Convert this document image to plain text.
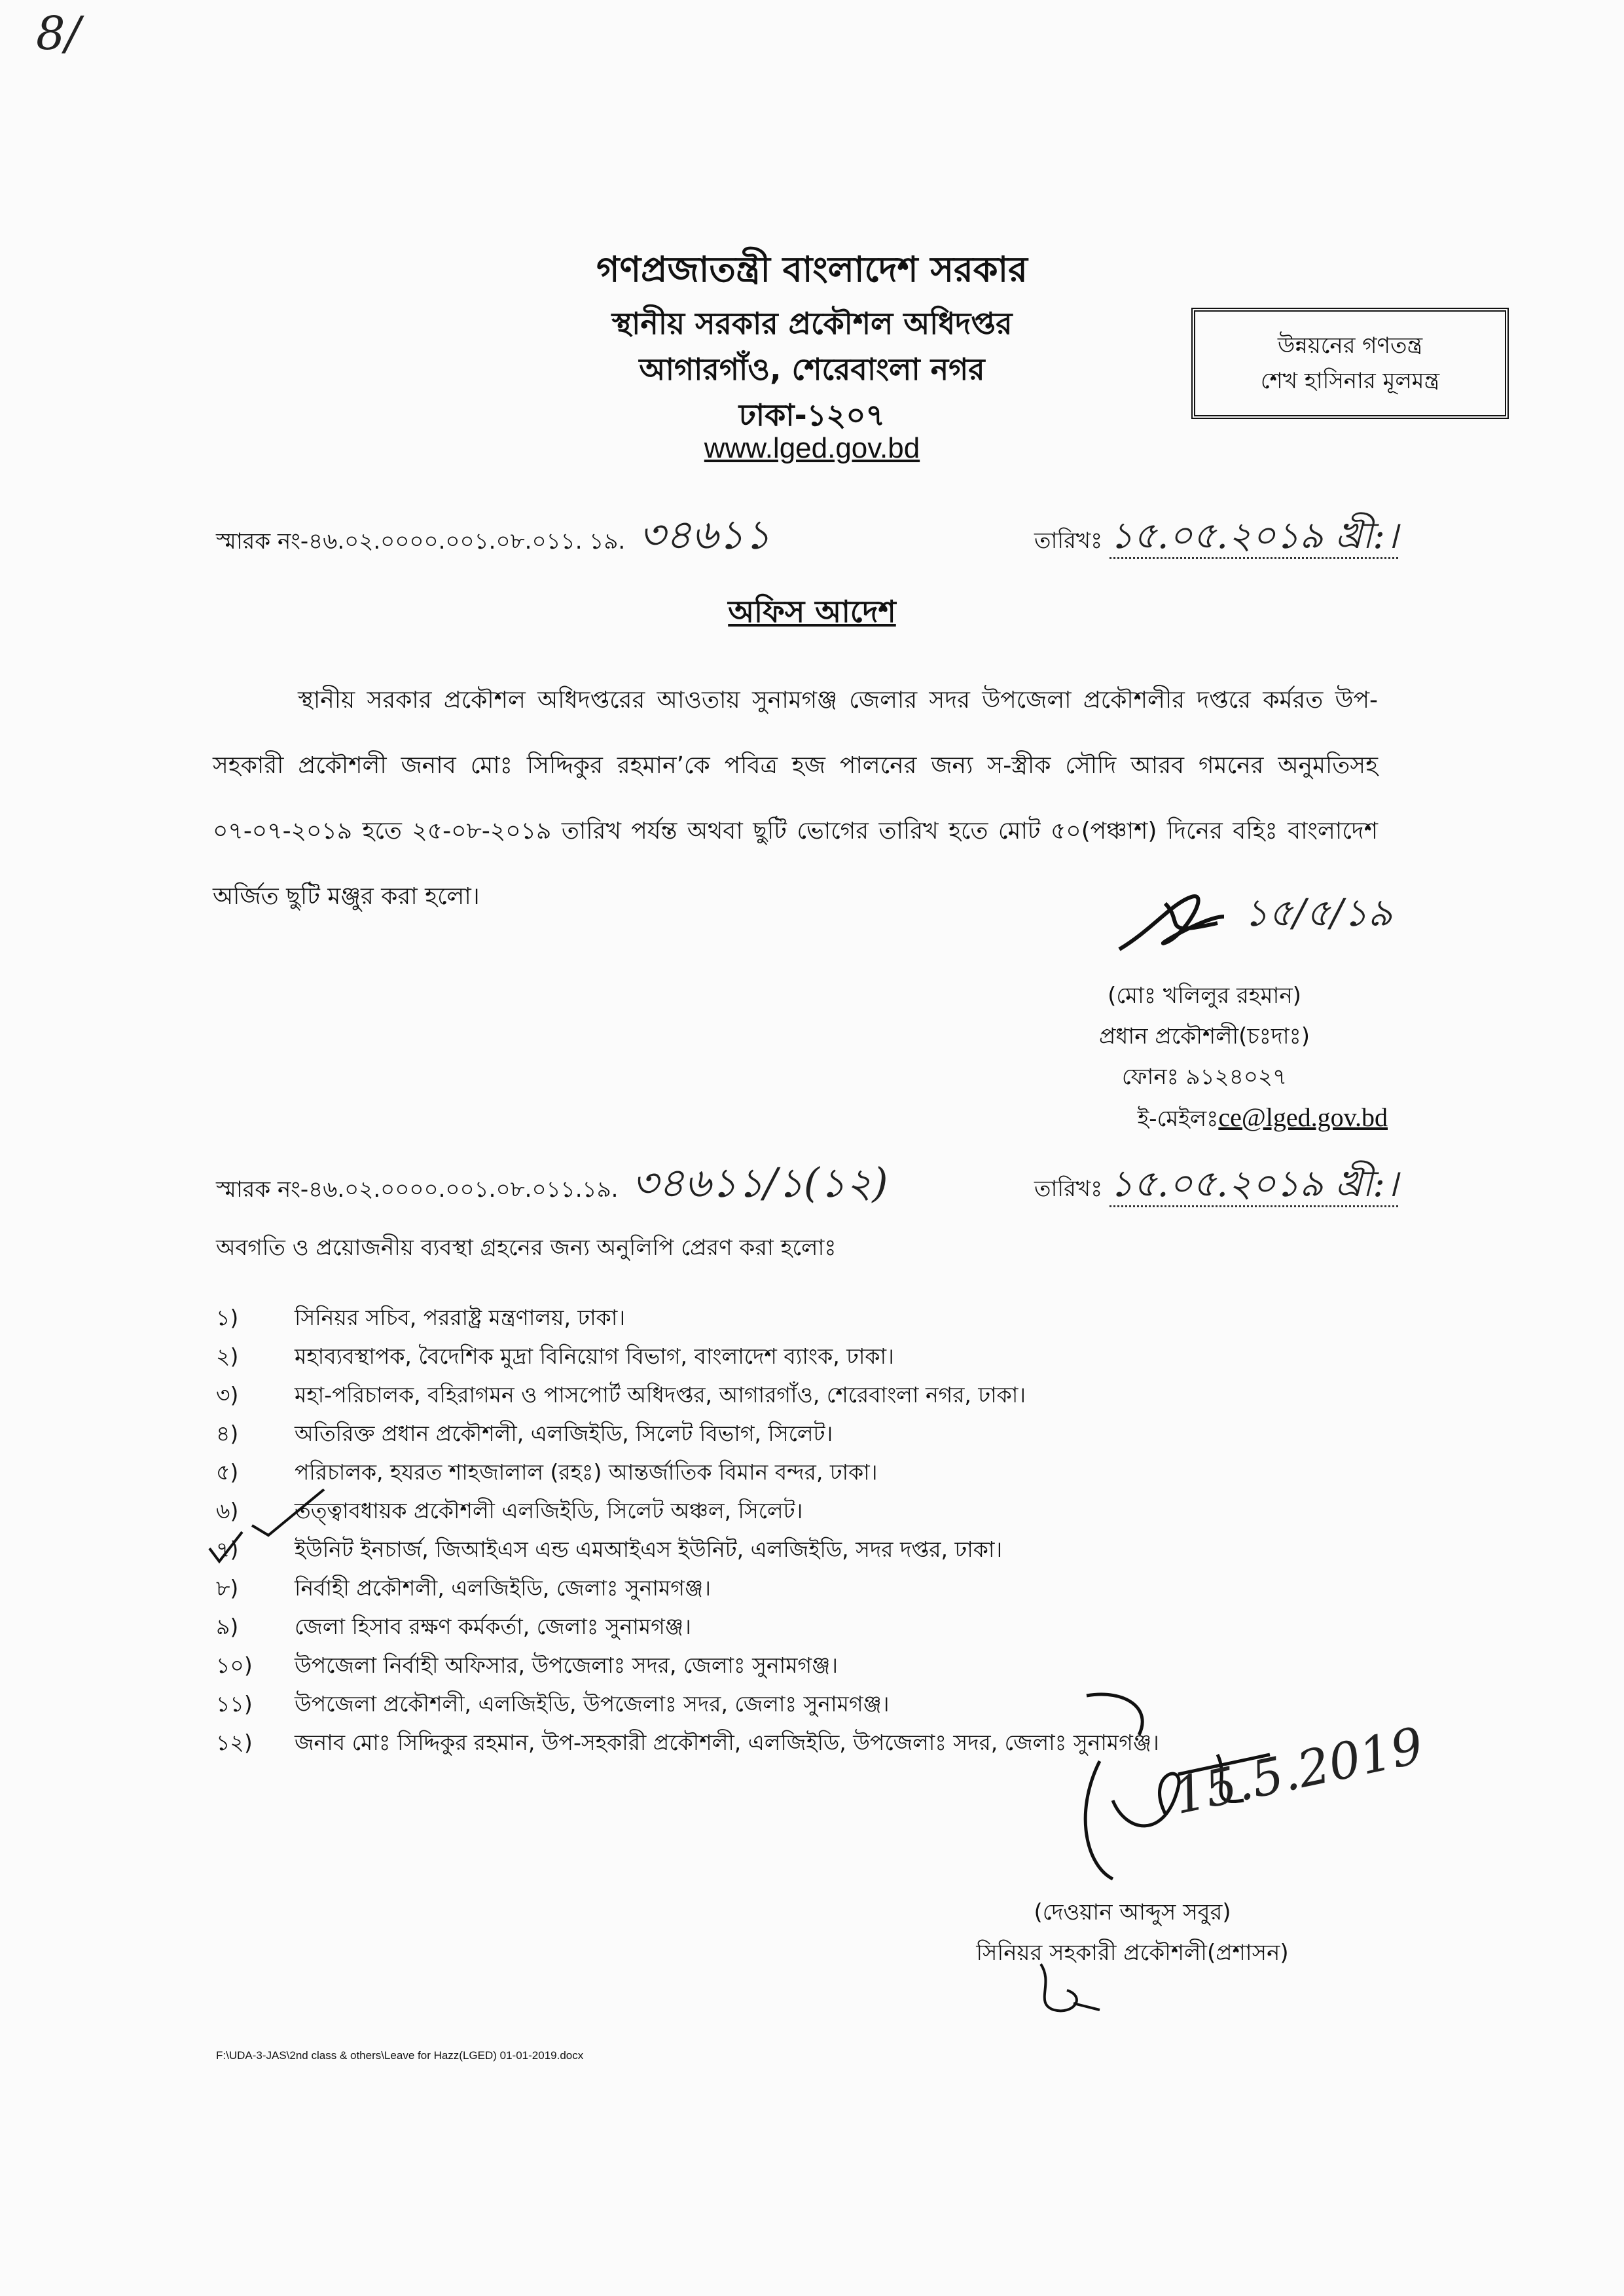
8/
গণপ্রজাতন্ত্রী বাংলাদেশ সরকার
স্থানীয় সরকার প্রকৌশল অধিদপ্তর
আগারগাঁও, শেরেবাংলা নগর
ঢাকা-১২০৭
www.lged.gov.bd
উন্নয়নের গণতন্ত্র
শেখ হাসিনার মূলমন্ত্র
স্মারক নং-৪৬.০২.০০০০.০০১.০৮.০১১. ১৯. ৩৪৬১১	তারিখঃ ১৫.০৫.২০১৯ খ্রী:।
অফিস আদেশ
স্থানীয় সরকার প্রকৌশল অধিদপ্তরের আওতায় সুনামগঞ্জ জেলার সদর উপজেলা প্রকৌশলীর দপ্তরে কর্মরত উপ-সহকারী প্রকৌশলী জনাব মোঃ সিদ্দিকুর রহমান’কে পবিত্র হজ পালনের জন্য স-স্ত্রীক সৌদি আরব গমনের অনুমতিসহ ০৭-০৭-২০১৯ হতে ২৫-০৮-২০১৯ তারিখ পর্যন্ত অথবা ছুটি ভোগের তারিখ হতে মোট ৫০(পঞ্চাশ) দিনের বহিঃ বাংলাদেশ অর্জিত ছুটি মঞ্জুর করা হলো।	১৫/৫/১৯
(মোঃ খলিলুর রহমান)
প্রধান প্রকৌশলী(চঃদাঃ)
ফোনঃ ৯১২৪০২৭
ই-মেইলঃce@lged.gov.bd
স্মারক নং-৪৬.০২.০০০০.০০১.০৮.০১১.১৯. ৩৪৬১১/১(১২)	তারিখঃ ১৫.০৫.২০১৯ খ্রী:।
অবগতি ও প্রয়োজনীয় ব্যবস্থা গ্রহনের জন্য অনুলিপি প্রেরণ করা হলোঃ
১)	সিনিয়র সচিব, পররাষ্ট্র মন্ত্রণালয়, ঢাকা।
২)	মহাব্যবস্থাপক, বৈদেশিক মুদ্রা বিনিয়োগ বিভাগ, বাংলাদেশ ব্যাংক, ঢাকা।
৩)	মহা-পরিচালক, বহিরাগমন ও পাসপোর্ট অধিদপ্তর, আগারগাঁও, শেরেবাংলা নগর, ঢাকা।
৪)	অতিরিক্ত প্রধান প্রকৌশলী, এলজিইডি, সিলেট বিভাগ, সিলেট।
৫)	পরিচালক, হযরত শাহজালাল (রহঃ) আন্তর্জাতিক বিমান বন্দর, ঢাকা।
৬)	তত্ত্বাবধায়ক প্রকৌশলী এলজিইডি, সিলেট অঞ্চল, সিলেট।
৭)	ইউনিট ইনচার্জ, জিআইএস এন্ড এমআইএস ইউনিট, এলজিইডি, সদর দপ্তর, ঢাকা।
৮)	নির্বাহী প্রকৌশলী, এলজিইডি, জেলাঃ সুনামগঞ্জ।
৯)	জেলা হিসাব রক্ষণ কর্মকর্তা, জেলাঃ সুনামগঞ্জ।
১০)	উপজেলা নির্বাহী অফিসার, উপজেলাঃ সদর, জেলাঃ সুনামগঞ্জ।
১১)	উপজেলা প্রকৌশলী, এলজিইডি, উপজেলাঃ সদর, জেলাঃ সুনামগঞ্জ।
১২)	জনাব মোঃ সিদ্দিকুর রহমান, উপ-সহকারী প্রকৌশলী, এলজিইডি, উপজেলাঃ সদর, জেলাঃ সুনামগঞ্জ। 15.5.2019
(দেওয়ান আব্দুস সবুর)
সিনিয়র সহকারী প্রকৌশলী(প্রশাসন)
F:\UDA-3-JAS\2nd class & others\Leave for Hazz(LGED) 01-01-2019.docx
